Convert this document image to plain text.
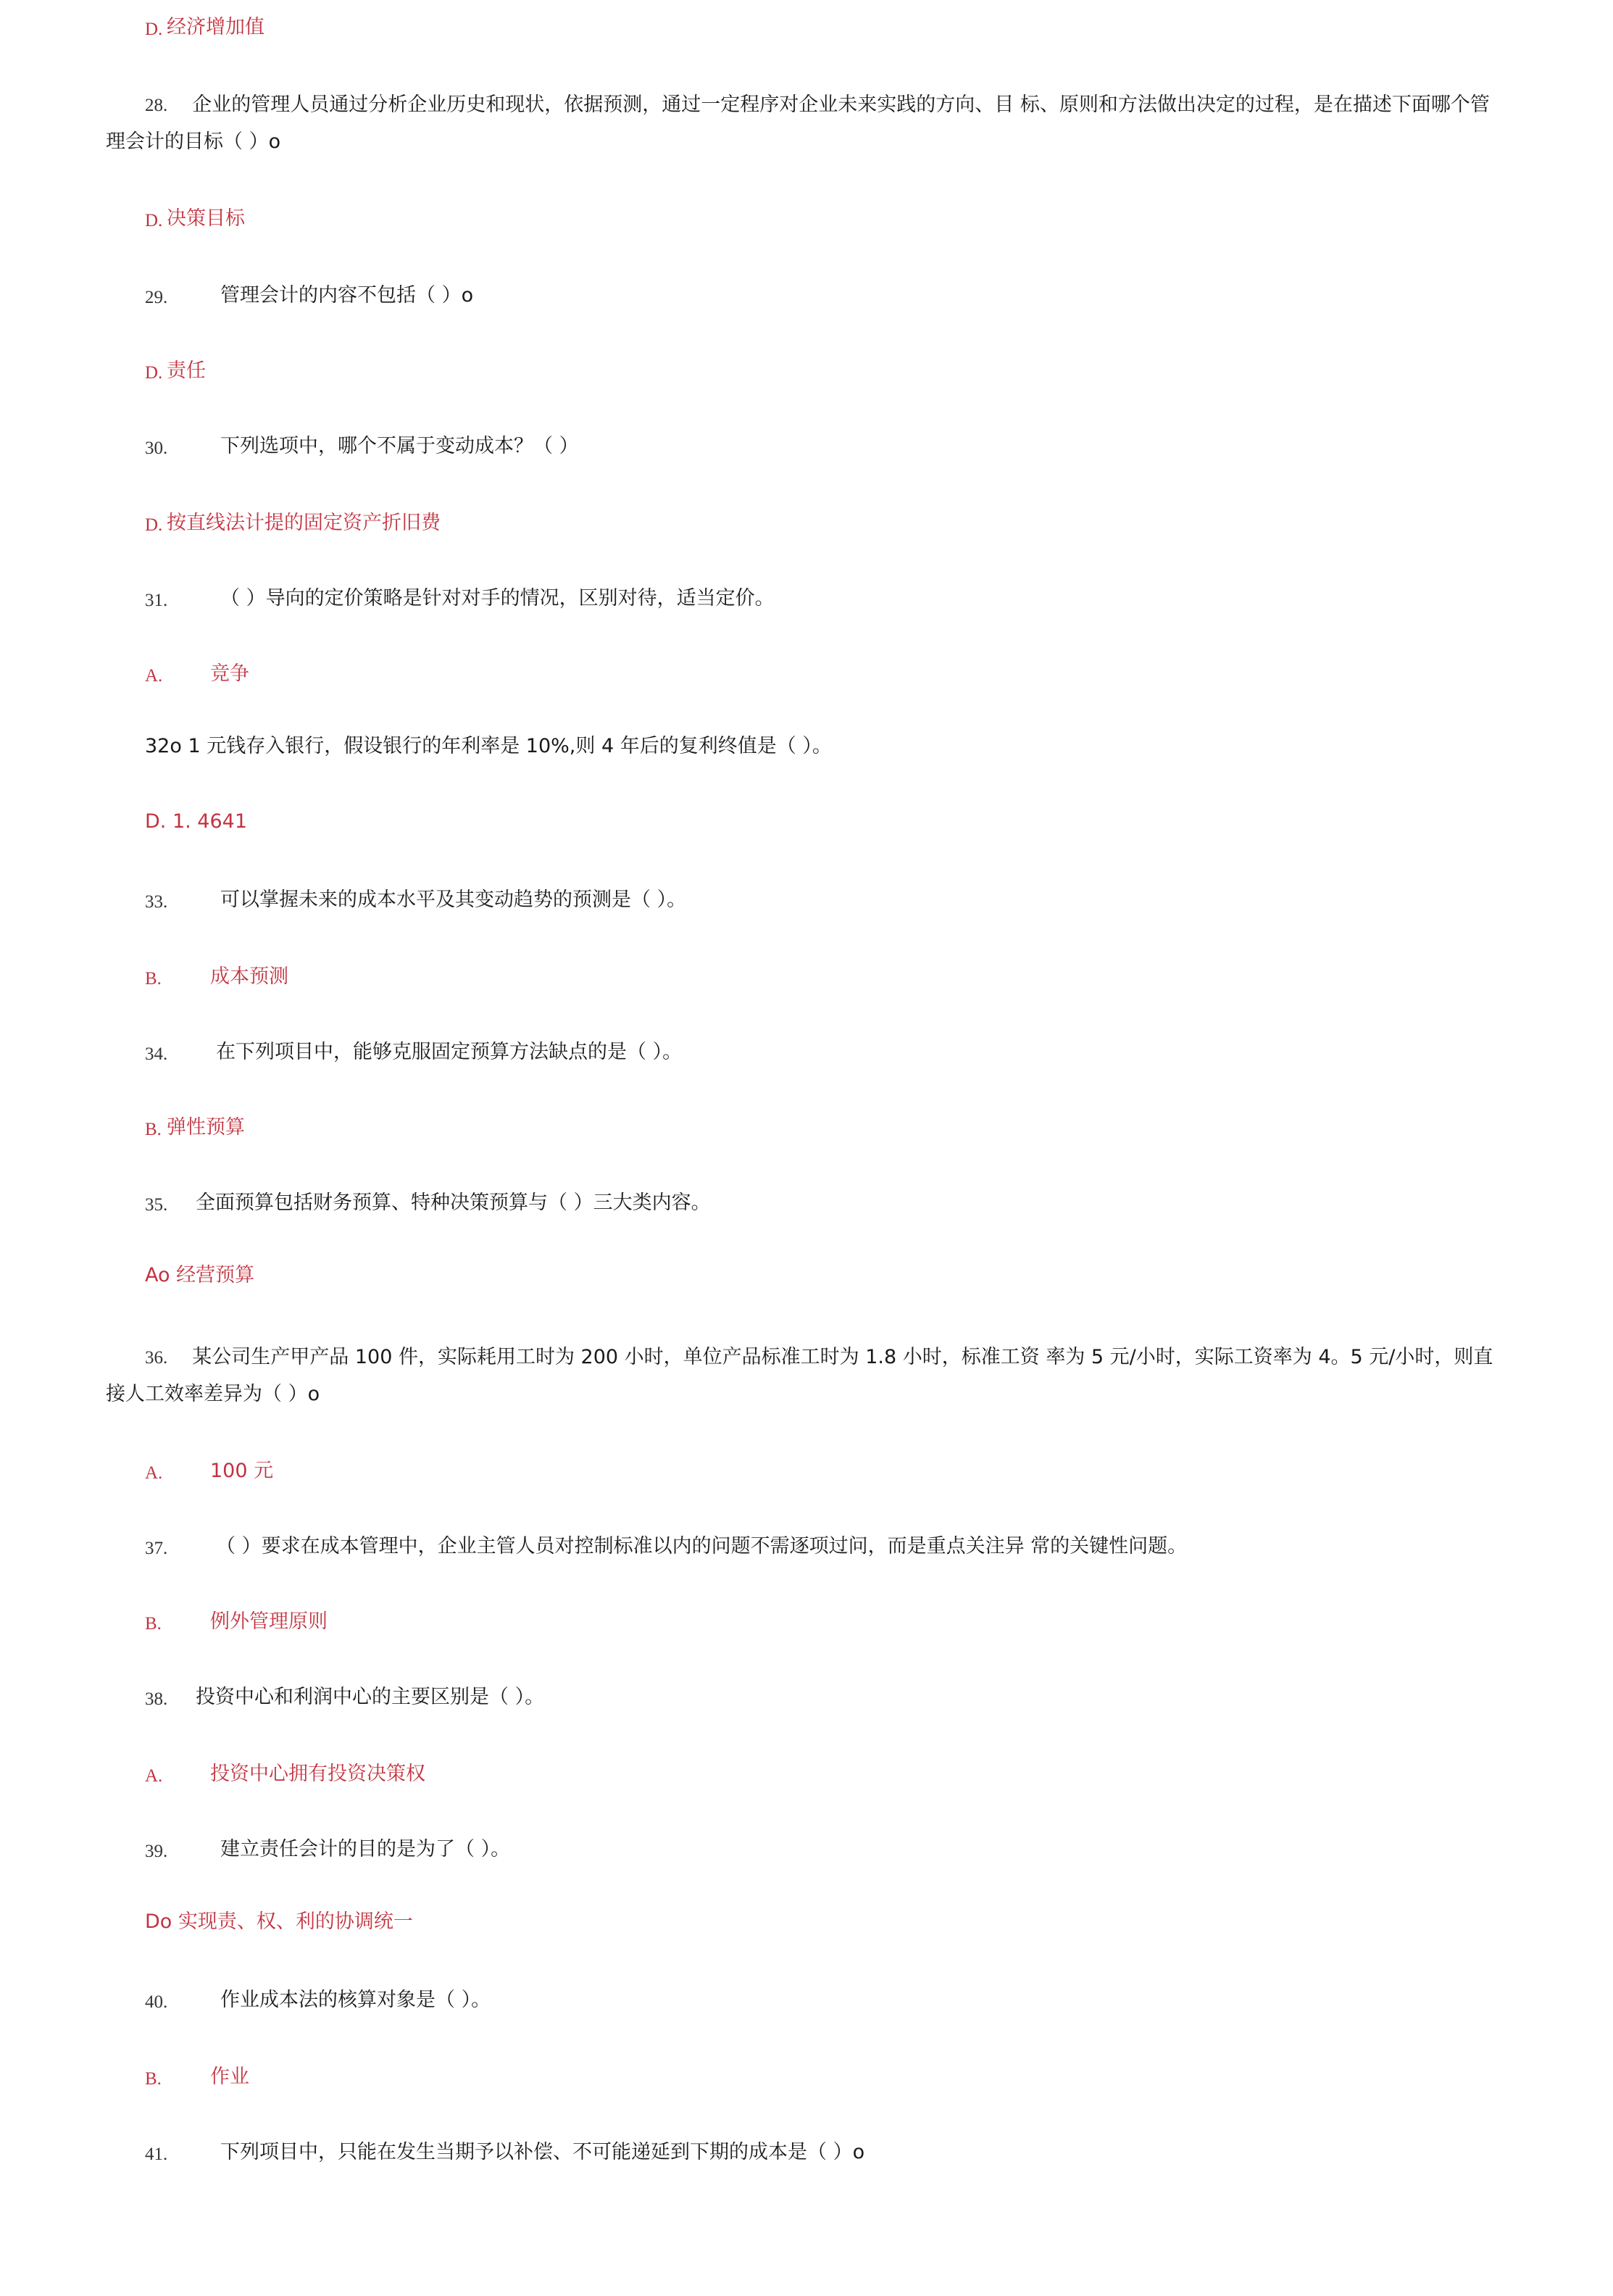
D. 经济增加值
28. 企业的管理人员通过分析企业历史和现状，依据预测，通过一定程序对企业未来实践的方向、目 标、原则和方法做出决定的过程，是在描述下面哪个管理会计的目标（ ）o
D. 决策目标
29.	管理会计的内容不包括（ ）o
D. 责任
30.	下列选项中，哪个不属于变动成本？（ ）
D. 按直线法计提的固定资产折旧费
31.	（ ）导向的定价策略是针对对手的情况，区别对待，适当定价。
A. 竞争
32o 1 元钱存入银行，假设银行的年利率是 10%,则 4 年后的复利终值是（ ）。
D. 1. 4641
33.	可以掌握未来的成本水平及其变动趋势的预测是（ ）。
B. 成本预测
34. 在下列项目中，能够克服固定预算方法缺点的是（ ）。
B. 弹性预算
35. 全面预算包括财务预算、特种决策预算与（ ）三大类内容。
Ao 经营预算
36. 某公司生产甲产品 100 件，实际耗用工时为 200 小时，单位产品标准工时为 1.8 小时，标准工资 率为 5 元/小时，实际工资率为 4。5 元/小时，则直接人工效率差异为（ ）o
A. 100 元
37. （ ）要求在成本管理中，企业主管人员对控制标准以内的问题不需逐项过问，而是重点关注异 常的关键性问题。
B. 例外管理原则
38. 投资中心和利润中心的主要区别是（ ）。
A. 投资中心拥有投资决策权
39.	建立责任会计的目的是为了（ ）。
Do 实现责、权、利的协调统一
40.	作业成本法的核算对象是（ ）。
B. 作业
41.	下列项目中，只能在发生当期予以补偿、不可能递延到下期的成本是（ ）o
